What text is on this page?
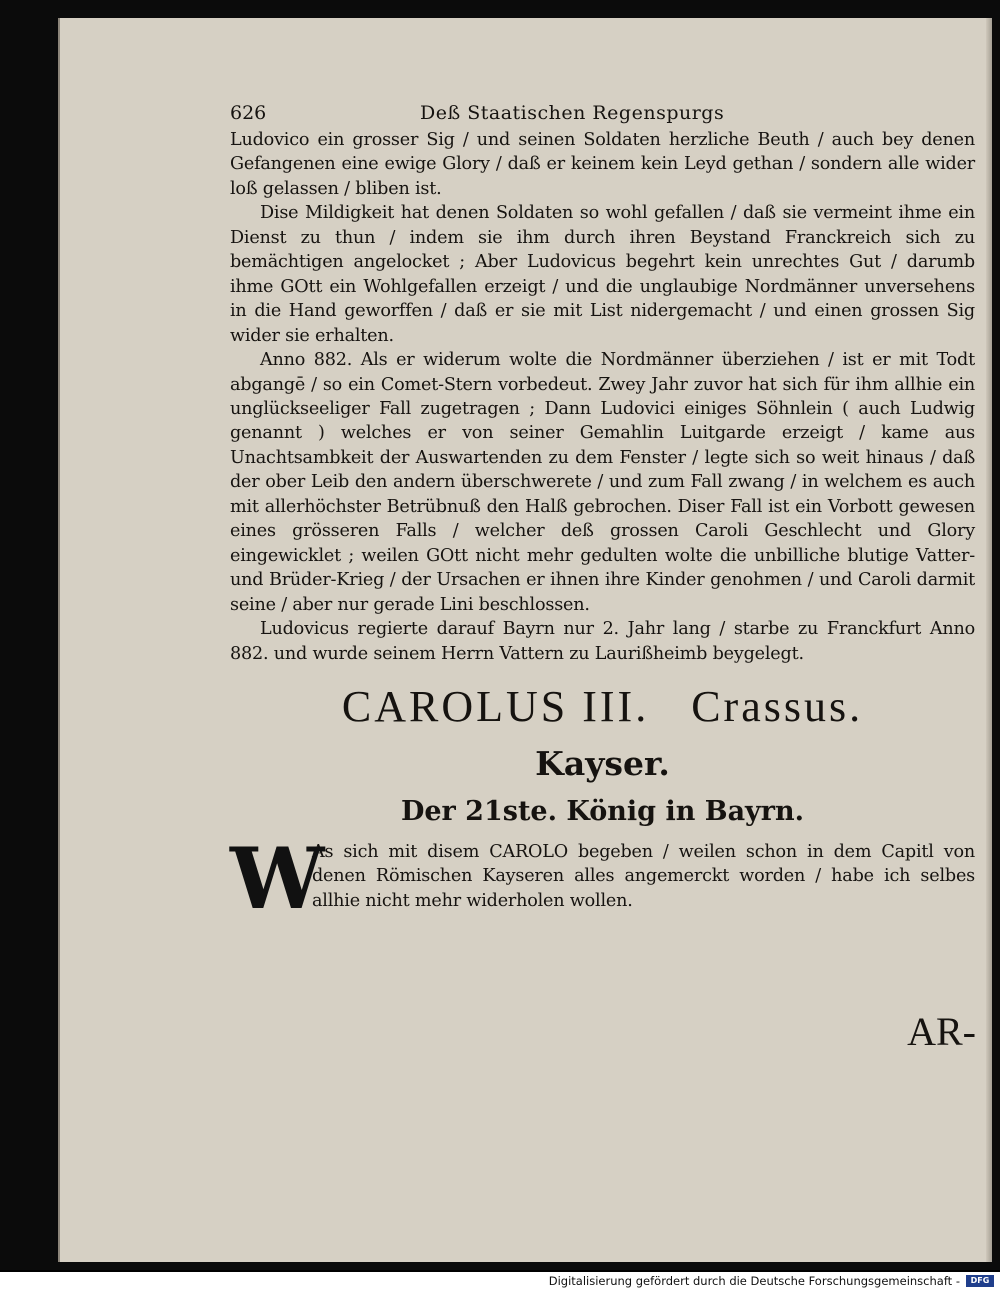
626	Deß Staatischen Regenspurgs

Ludovico ein grosser Sig / und seinen Soldaten herzliche Beuth / auch bey denen Gefangenen eine ewige Glory / daß er keinem kein Leyd gethan / sondern alle wider loß gelassen / bliben ist.

Dise Mildigkeit hat denen Soldaten so wohl gefallen / daß sie vermeint ihme ein Dienst zu thun / indem sie ihm durch ihren Beystand Franckreich sich zu bemächtigen angelocket ; Aber Ludovicus begehrt kein unrechtes Gut / darumb ihme GOtt ein Wohlgefallen erzeigt / und die unglaubige Nordmänner unversehens in die Hand geworffen / daß er sie mit List nidergemacht / und einen grossen Sig wider sie erhalten.

Anno 882. Als er widerum wolte die Nordmänner überziehen / ist er mit Todt abgangē / so ein Comet-Stern vorbedeut. Zwey Jahr zuvor hat sich für ihm allhie ein unglückseeliger Fall zugetragen ; Dann Ludovici einiges Söhnlein ( auch Ludwig genannt ) welches er von seiner Gemahlin Luitgarde erzeigt / kame aus Unachtsambkeit der Auswartenden zu dem Fenster / legte sich so weit hinaus / daß der ober Leib den andern überschwerete / und zum Fall zwang / in welchem es auch mit allerhöchster Betrübnuß den Halß gebrochen. Diser Fall ist ein Vorbott gewesen eines grösseren Falls / welcher deß grossen Caroli Geschlecht und Glory eingewicklet ; weilen GOtt nicht mehr gedulten wolte die unbilliche blutige Vatter- und Brüder-Krieg / der Ursachen er ihnen ihre Kinder genohmen / und Caroli darmit seine / aber nur gerade Lini beschlossen.

Ludovicus regierte darauf Bayrn nur 2. Jahr lang / starbe zu Franckfurt Anno 882. und wurde seinem Herrn Vattern zu Laurißheimb beygelegt.

CAROLUS III.   Crassus.
Kayser.
Der 21ste. König in Bayrn.
W
As sich mit disem CAROLO begeben / weilen schon in dem Capitl von denen Römischen Kayseren alles angemerckt worden / habe ich selbes allhie nicht mehr widerholen wollen.
AR-
Digitalisierung gefördert durch die Deutsche Forschungsgemeinschaft -	DFG
